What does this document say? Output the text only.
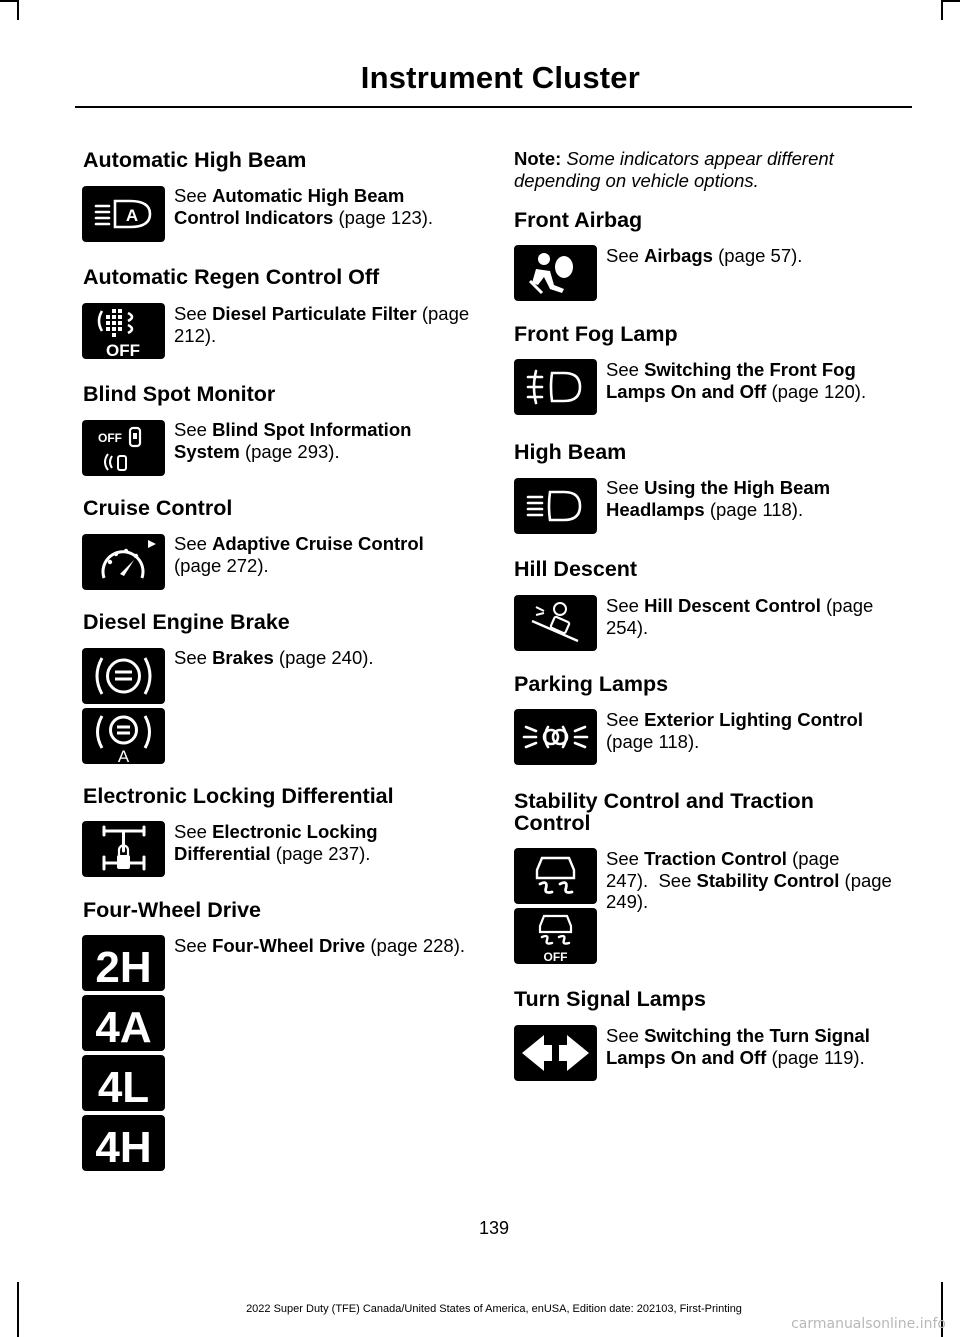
Instrument Cluster
Automatic High Beam
A
See Automatic High Beam Control Indicators (page 123).
Automatic Regen Control Off
OFF
See Diesel Particulate Filter (page 212).
Blind Spot Monitor
OFF	See Blind Spot Information System (page 293).
Cruise Control
See Adaptive Cruise Control (page 272).
Diesel Engine Brake
A
See Brakes (page 240).
Electronic Locking Differential
See Electronic Locking Differential (page 237).
Four-Wheel Drive
2H
4A
4L
4H
See Four-Wheel Drive (page 228).
Note: Some indicators appear different depending on vehicle options.
Front Airbag
See Airbags (page 57).
Front Fog Lamp
See Switching the Front Fog Lamps On and Off (page 120).
High Beam
See Using the High Beam Headlamps (page 118).
Hill Descent
See Hill Descent Control (page 254).
Parking Lamps
See Exterior Lighting Control (page 118).
Stability Control and Traction Control
OFF
See Traction Control (page 247). See Stability Control (page 249).
Turn Signal Lamps
See Switching the Turn Signal Lamps On and Off (page 119).
139
2022 Super Duty (TFE) Canada/United States of America, enUSA, Edition date: 202103, First-Printing
carmanualsonline.info
